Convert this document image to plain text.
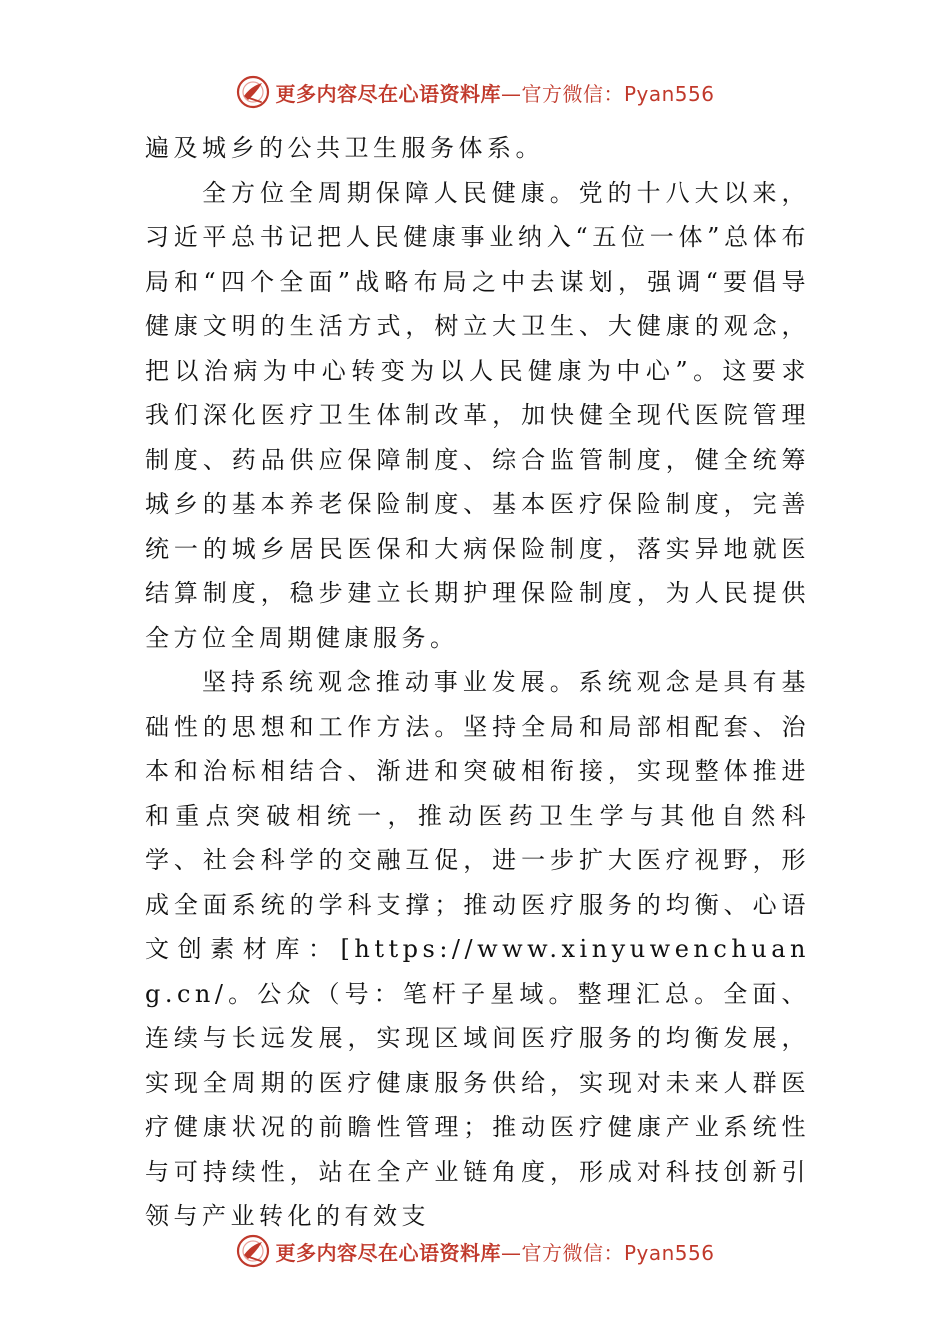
更多内容尽在心语资料库—官方微信：Pyan556

遍及城乡的公共卫生服务体系。

全方位全周期保障人民健康。党的十八大以来，习近平总书记把人民健康事业纳入“五位一体”总体布局和“四个全面”战略布局之中去谋划，强调“要倡导健康文明的生活方式，树立大卫生、大健康的观念，把以治病为中心转变为以人民健康为中心”。这要求我们深化医疗卫生体制改革，加快健全现代医院管理制度、药品供应保障制度、综合监管制度，健全统筹城乡的基本养老保险制度、基本医疗保险制度，完善统一的城乡居民医保和大病保险制度，落实异地就医结算制度，稳步建立长期护理保险制度，为人民提供全方位全周期健康服务。

坚持系统观念推动事业发展。系统观念是具有基础性的思想和工作方法。坚持全局和局部相配套、治本和治标相结合、渐进和突破相衔接，实现整体推进和重点突破相统一，推动医药卫生学与其他自然科学、社会科学的交融互促，进一步扩大医疗视野，形成全面系统的学科支撑；推动医疗服务的均衡、心语文创素材库：[https://www.xinyuwenchuang.cn/。公众（号：笔杆子星域。整理汇总。全面、连续与长远发展，实现区域间医疗服务的均衡发展，实现全周期的医疗健康服务供给，实现对未来人群医疗健康状况的前瞻性管理；推动医疗健康产业系统性与可持续性，站在全产业链角度，形成对科技创新引领与产业转化的有效支

更多内容尽在心语资料库—官方微信：Pyan556
